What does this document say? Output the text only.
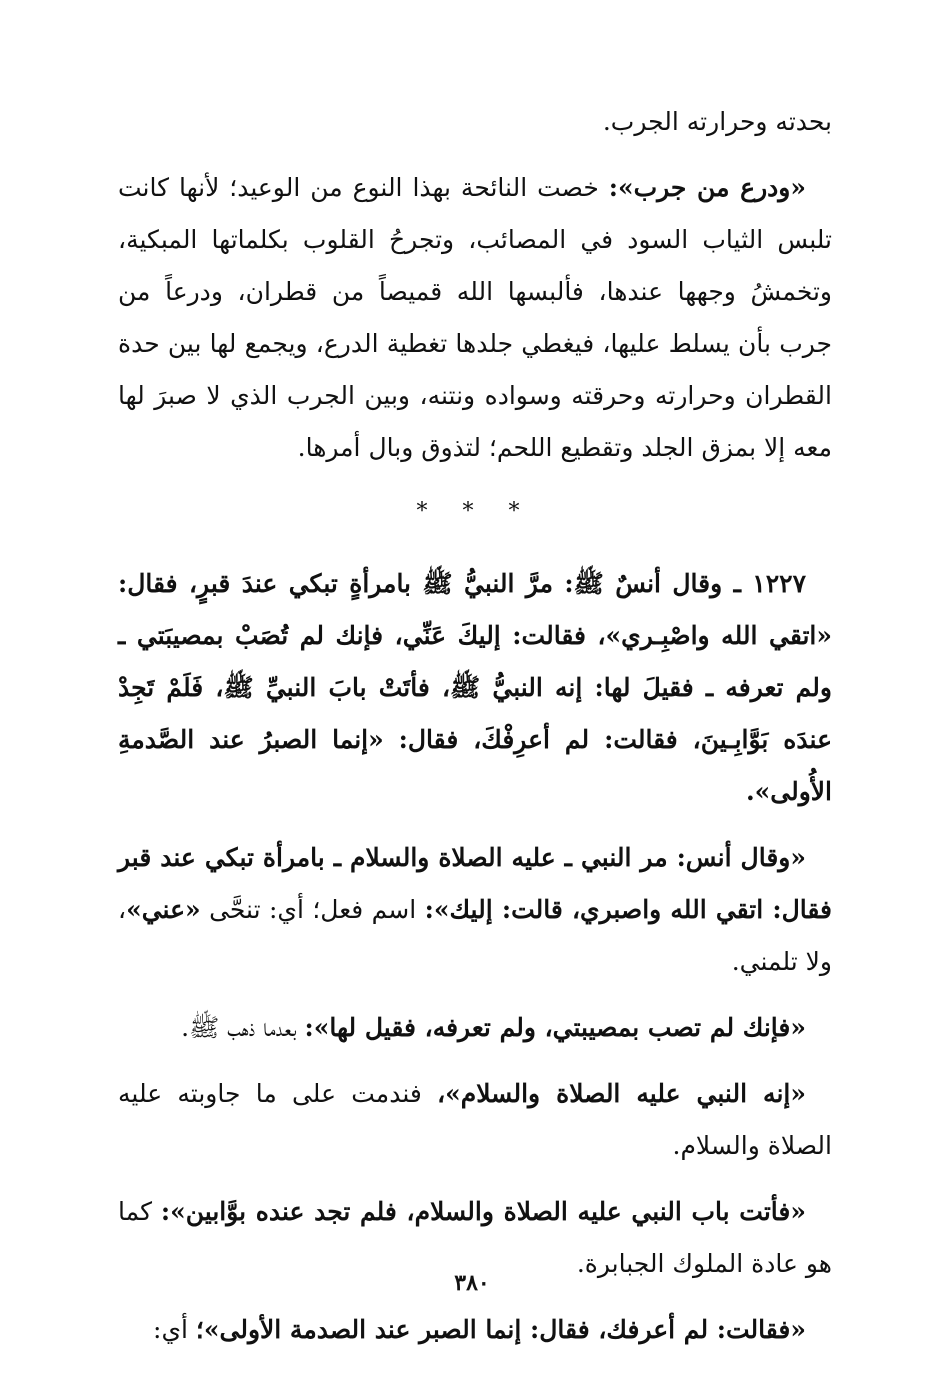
بحدته وحرارته الجرب.

«ودرع من جرب»: خصت النائحة بهذا النوع من الوعيد؛ لأنها كانت تلبس الثياب السود في المصائب، وتجرحُ القلوب بكلماتها المبكية، وتخمشُ وجهها عندها، فألبسها الله قميصاً من قطران، ودرعاً من جرب بأن يسلط عليها، فيغطي جلدها تغطية الدرع، ويجمع لها بين حدة القطران وحرارته وحرقته وسواده ونتنه، وبين الجرب الذي لا صبرَ لها معه إلا بمزق الجلد وتقطيع اللحم؛ لتذوق وبال أمرها.

* * *

١٢٢٧ ـ وقال أنسٌ ﷺ: مرَّ النبيُّ ﷺ بامرأةٍ تبكي عندَ قبرٍ، فقال: «اتقي الله واصْبِـري»، فقالت: إليكَ عَنِّي، فإنك لم تُصَبْ بمصيبَتي ـ ولم تعرفه ـ فقيلَ لها: إنه النبيُّ ﷺ، فأتَتْ بابَ النبيِّ ﷺ، فَلَمْ تَجِدْ عندَه بَوَّابِـينَ، فقالت: لم أعرِفْكَ، فقال: «إنما الصبرُ عند الصَّدمةِ الأُولى».

«وقال أنس: مر النبي ـ عليه الصلاة والسلام ـ بامرأة تبكي عند قبر فقال: اتقي الله واصبري، قالت: إليك»: اسم فعل؛ أي: تنحَّى «عني»، ولا تلمني.

«فإنك لم تصب بمصيبتي، ولم تعرفه، فقيل لها»: بعدما ذهب ﷺ.

«إنه النبي عليه الصلاة والسلام»، فندمت على ما جاوبته عليه الصلاة والسلام.

«فأتت باب النبي عليه الصلاة والسلام، فلم تجد عنده بوَّابين»: كما هو عادة الملوك الجبابرة.

«فقالت: لم أعرفك، فقال: إنما الصبر عند الصدمة الأولى»؛ أي:

٣٨٠
